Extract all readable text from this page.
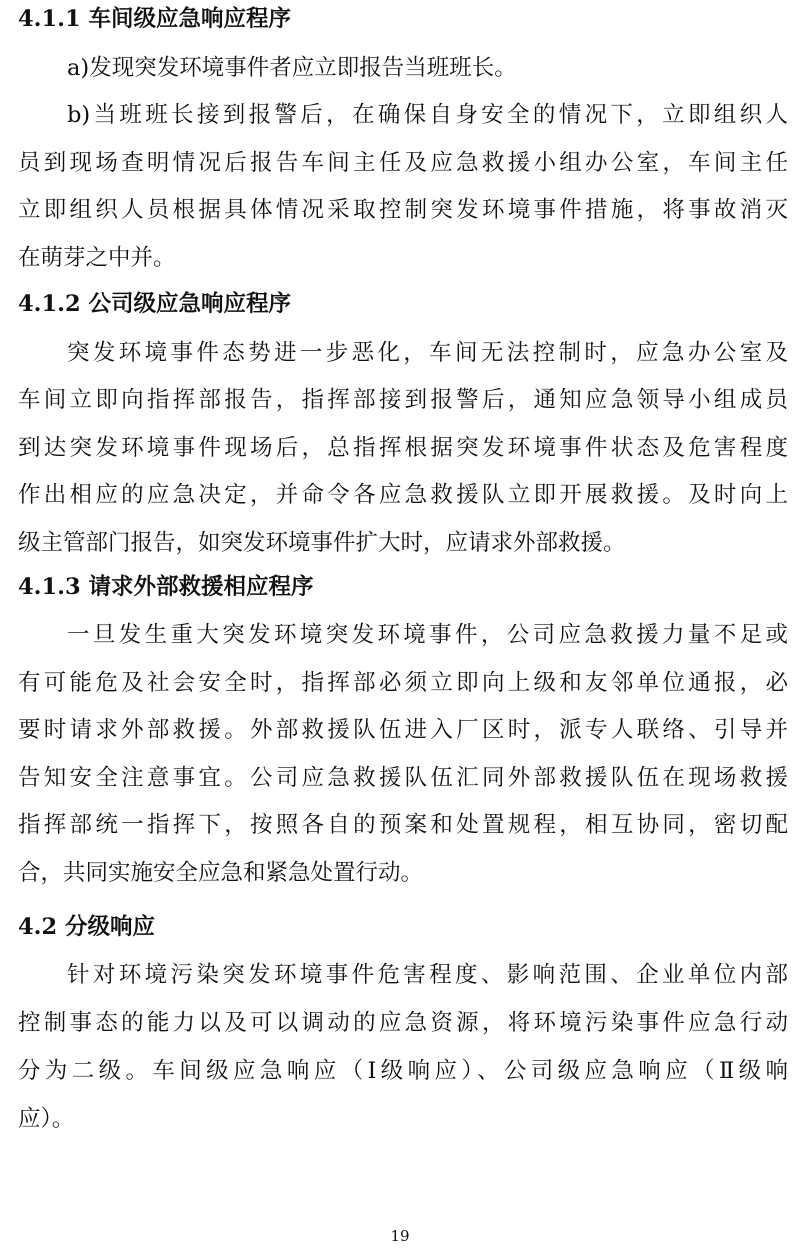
4.1.1 车间级应急响应程序
a)发现突发环境事件者应立即报告当班班长。
b)当班班长接到报警后，在确保自身安全的情况下，立即组织人
员到现场查明情况后报告车间主任及应急救援小组办公室，车间主任
立即组织人员根据具体情况采取控制突发环境事件措施，将事故消灭
在萌芽之中并。
4.1.2 公司级应急响应程序
突发环境事件态势进一步恶化，车间无法控制时，应急办公室及
车间立即向指挥部报告，指挥部接到报警后，通知应急领导小组成员
到达突发环境事件现场后，总指挥根据突发环境事件状态及危害程度
作出相应的应急决定，并命令各应急救援队立即开展救援。及时向上
级主管部门报告，如突发环境事件扩大时，应请求外部救援。
4.1.3 请求外部救援相应程序
一旦发生重大突发环境突发环境事件，公司应急救援力量不足或
有可能危及社会安全时，指挥部必须立即向上级和友邻单位通报，必
要时请求外部救援。外部救援队伍进入厂区时，派专人联络、引导并
告知安全注意事宜。公司应急救援队伍汇同外部救援队伍在现场救援
指挥部统一指挥下，按照各自的预案和处置规程，相互协同，密切配
合，共同实施安全应急和紧急处置行动。
4.2 分级响应
针对环境污染突发环境事件危害程度、影响范围、企业单位内部
控制事态的能力以及可以调动的应急资源，将环境污染事件应急行动
分为二级。车间级应急响应（Ⅰ级响应）、公司级应急响应（Ⅱ级响
应）。
19
